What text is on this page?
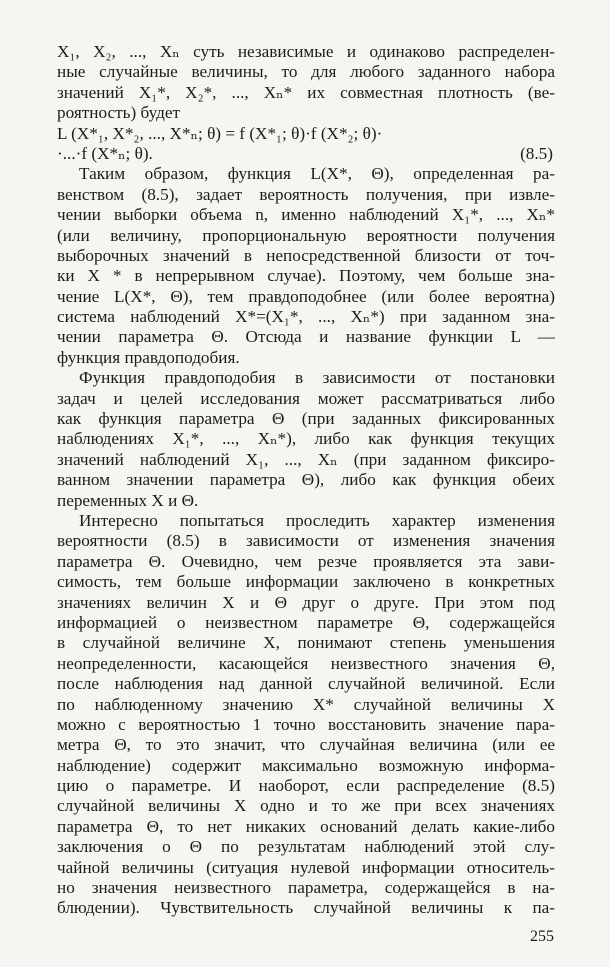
X₁, X₂, ..., Xₙ суть независимые и одинаково распределен-
ные случайные величины, то для любого заданного набора
значений X₁*, X₂*, ..., Xₙ* их совместная плотность (ве-
роятность) будет
L (X*₁, X*₂, ..., X*ₙ; θ) = f (X*₁; θ)·f (X*₂; θ)·
·...·f (X*ₙ; θ).	(8.5)
Таким образом, функция L(X*, Θ), определенная ра-
венством (8.5), задает вероятность получения, при извле-
чении выборки объема n, именно наблюдений X₁*, ..., Xₙ*
(или величину, пропорциональную вероятности получения
выборочных значений в непосредственной близости от точ-
ки X * в непрерывном случае). Поэтому, чем больше зна-
чение L(X*, Θ), тем правдоподобнее (или более вероятна)
система наблюдений X*=(X₁*, ..., Xₙ*) при заданном зна-
чении параметра Θ. Отсюда и название функции L —
функция правдоподобия.
Функция правдоподобия в зависимости от постановки
задач и целей исследования может рассматриваться либо
как функция параметра Θ (при заданных фиксированных
наблюдениях X₁*, ..., Xₙ*), либо как функция текущих
значений наблюдений X₁, ..., Xₙ (при заданном фиксиро-
ванном значении параметра Θ), либо как функция обеих
переменных X и Θ.
Интересно попытаться проследить характер изменения
вероятности (8.5) в зависимости от изменения значения
параметра Θ. Очевидно, чем резче проявляется эта зави-
симость, тем больше информации заключено в конкретных
значениях величин X и Θ друг о друге. При этом под
информацией о неизвестном параметре Θ, содержащейся
в случайной величине X, понимают степень уменьшения
неопределенности, касающейся неизвестного значения Θ,
после наблюдения над данной случайной величиной. Если
по наблюденному значению X* случайной величины X
можно с вероятностью 1 точно восстановить значение пара-
метра Θ, то это значит, что случайная величина (или ее
наблюдение) содержит максимально возможную информа-
цию о параметре. И наоборот, если распределение (8.5)
случайной величины X одно и то же при всех значениях
параметра Θ, то нет никаких оснований делать какие-либо
заключения о Θ по результатам наблюдений этой слу-
чайной величины (ситуация нулевой информации относитель-
но значения неизвестного параметра, содержащейся в на-
блюдении). Чувствительность случайной величины к па-
255
